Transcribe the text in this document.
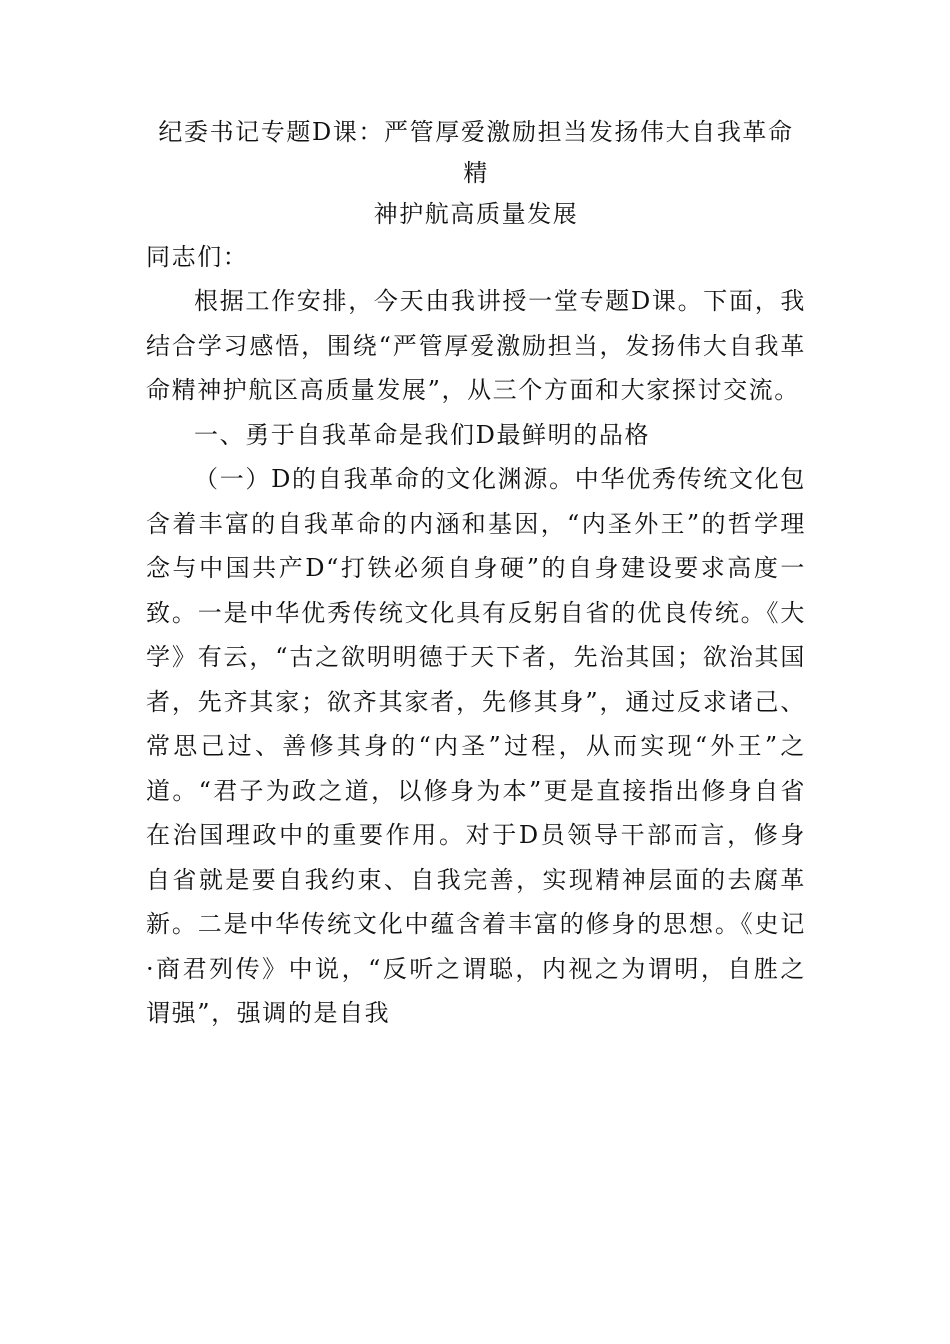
纪委书记专题D课：严管厚爱激励担当发扬伟大自我革命精
神护航高质量发展

同志们：

根据工作安排，今天由我讲授一堂专题D课。下面，我结合学习感悟，围绕“严管厚爱激励担当，发扬伟大自我革命精神护航区高质量发展”，从三个方面和大家探讨交流。

一、勇于自我革命是我们D最鲜明的品格

（一）D的自我革命的文化渊源。中华优秀传统文化包含着丰富的自我革命的内涵和基因，“内圣外王”的哲学理念与中国共产D“打铁必须自身硬”的自身建设要求高度一致。一是中华优秀传统文化具有反躬自省的优良传统。《大学》有云，“古之欲明明德于天下者，先治其国；欲治其国者，先齐其家；欲齐其家者，先修其身”，通过反求诸己、常思己过、善修其身的“内圣”过程，从而实现“外王”之道。“君子为政之道，以修身为本”更是直接指出修身自省在治国理政中的重要作用。对于D员领导干部而言，修身自省就是要自我约束、自我完善，实现精神层面的去腐革新。二是中华传统文化中蕴含着丰富的修身的思想。《史记·商君列传》中说，“反听之谓聪，内视之为谓明，自胜之谓强”，强调的是自我
